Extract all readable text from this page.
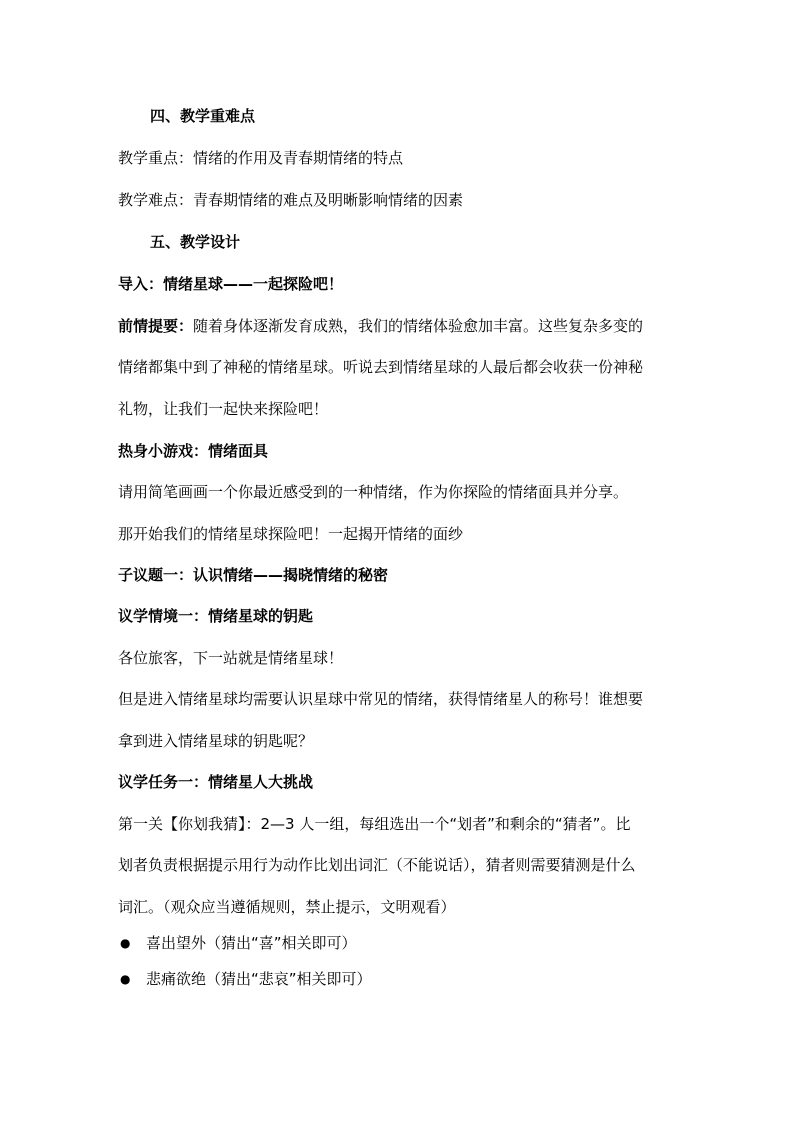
四、教学重难点
教学重点：情绪的作用及青春期情绪的特点
教学难点：青春期情绪的难点及明晰影响情绪的因素
五、教学设计
导入：情绪星球——一起探险吧！
前情提要：随着身体逐渐发育成熟，我们的情绪体验愈加丰富。这些复杂多变的
情绪都集中到了神秘的情绪星球。听说去到情绪星球的人最后都会收获一份神秘
礼物，让我们一起快来探险吧！
热身小游戏：情绪面具
请用简笔画画一个你最近感受到的一种情绪，作为你探险的情绪面具并分享。
那开始我们的情绪星球探险吧！一起揭开情绪的面纱
子议题一：认识情绪——揭晓情绪的秘密
议学情境一：情绪星球的钥匙
各位旅客，下一站就是情绪星球！
但是进入情绪星球均需要认识星球中常见的情绪，获得情绪星人的称号！谁想要
拿到进入情绪星球的钥匙呢？
议学任务一：情绪星人大挑战
第一关【你划我猜】：2—3 人一组，每组选出一个“划者”和剩余的“猜者”。比
划者负责根据提示用行为动作比划出词汇（不能说话），猜者则需要猜测是什么
词汇。（观众应当遵循规则，禁止提示，文明观看）
● 喜出望外（猜出“喜”相关即可）
● 悲痛欲绝（猜出“悲哀”相关即可）
